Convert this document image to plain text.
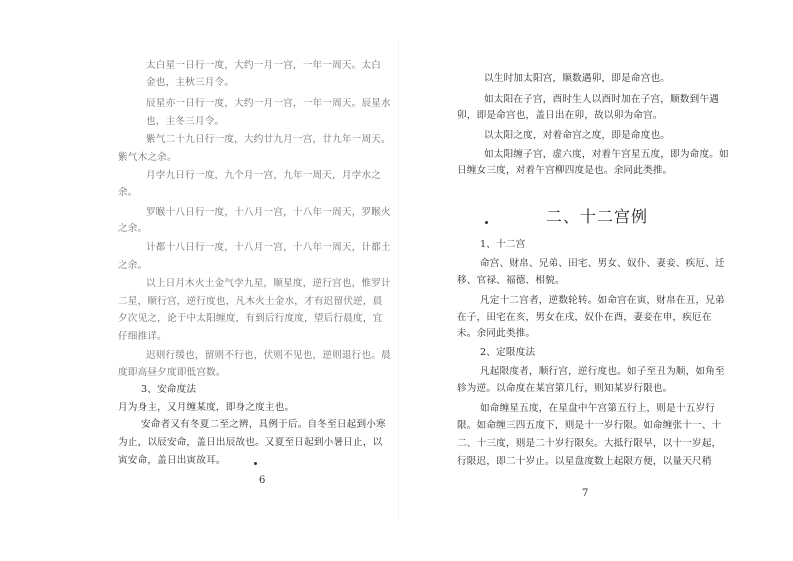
太白星一日行一度，大约一月一宫，一年一周天。太白
金也，主秋三月令。
辰星亦一日行一度，大约一月一宫，一年一周天。辰星水
也，主冬三月令。
紫气二十九日行一度，大约廿九月一宫，廿九年一周天。
紫气木之余。
月孛九日行一度，九个月一宫，九年一周天，月孛水之
余。
罗睺十八日行一度，十八月一宫，十八年一周天，罗睺火
之余。
计都十八日行一度，十八月一宫，十八年一周天，计都土
之余。
以上日月木火土金气孛九星，顺星度，逆行宫也，惟罗计
二星，顺行宫，逆行度也，凡木火土金水，才有迟留伏逆，晨
夕次见之，论于中太阳缠度，有到后行度度，望后行晨度，宜
仔细推详。
迟则行缓也，留则不行也，伏则不见也，逆则退行也。晨
度即高昼夕度即低宫数。
3、安命度法
月为身主，又月缠某度，即身之度主也。
安命者又有冬夏二至之辨，具例于后。自冬至日起到小寒
为止，以辰安命，盖日出辰故也。又夏至日起到小暑日止，以
寅安命，盖日出寅故耳。
6
以生时加太阳宫，顺数遇卯，即是命宫也。
如太阳在子宫，酉时生人以酉时加在子宫，顺数到午遇
卯，即是命宫也，盖日出在卯，故以卯为命宫。
以太阳之度，对着命宫之度，即是命度也。
如太阳缠子宫，虚六度，对着午宫星五度，即为命度。如
日缠女三度，对着午宫柳四度是也。余同此类推。
二、十二宫例
1、十二宫
命宫、财帛、兄弟、田宅、男女、奴仆、妻妾、疾厄、迁
移、官禄、福德、相貌。
凡定十二宫者，逆数轮转。如命宫在寅，财帛在丑，兄弟
在子，田宅在亥，男女在戌，奴仆在酉，妻妾在申，疾厄在
未。余同此类推。
2、定限度法
凡起限度者，顺行宫，逆行度也。如子至丑为顺，如角至
轸为逆。以命度在某宫第几行，则知某岁行限也。
如命缠星五度，在星盘中午宫第五行上，则是十五岁行
限。如命缠三四五度下，则是十一岁行限。如命缠张十一、十
二、十三度，则是二十岁行限矣。大抵行限早，以十一岁起，
行限迟，即二十岁止。以星盘度数上起限方便，以量天尺稍
7
